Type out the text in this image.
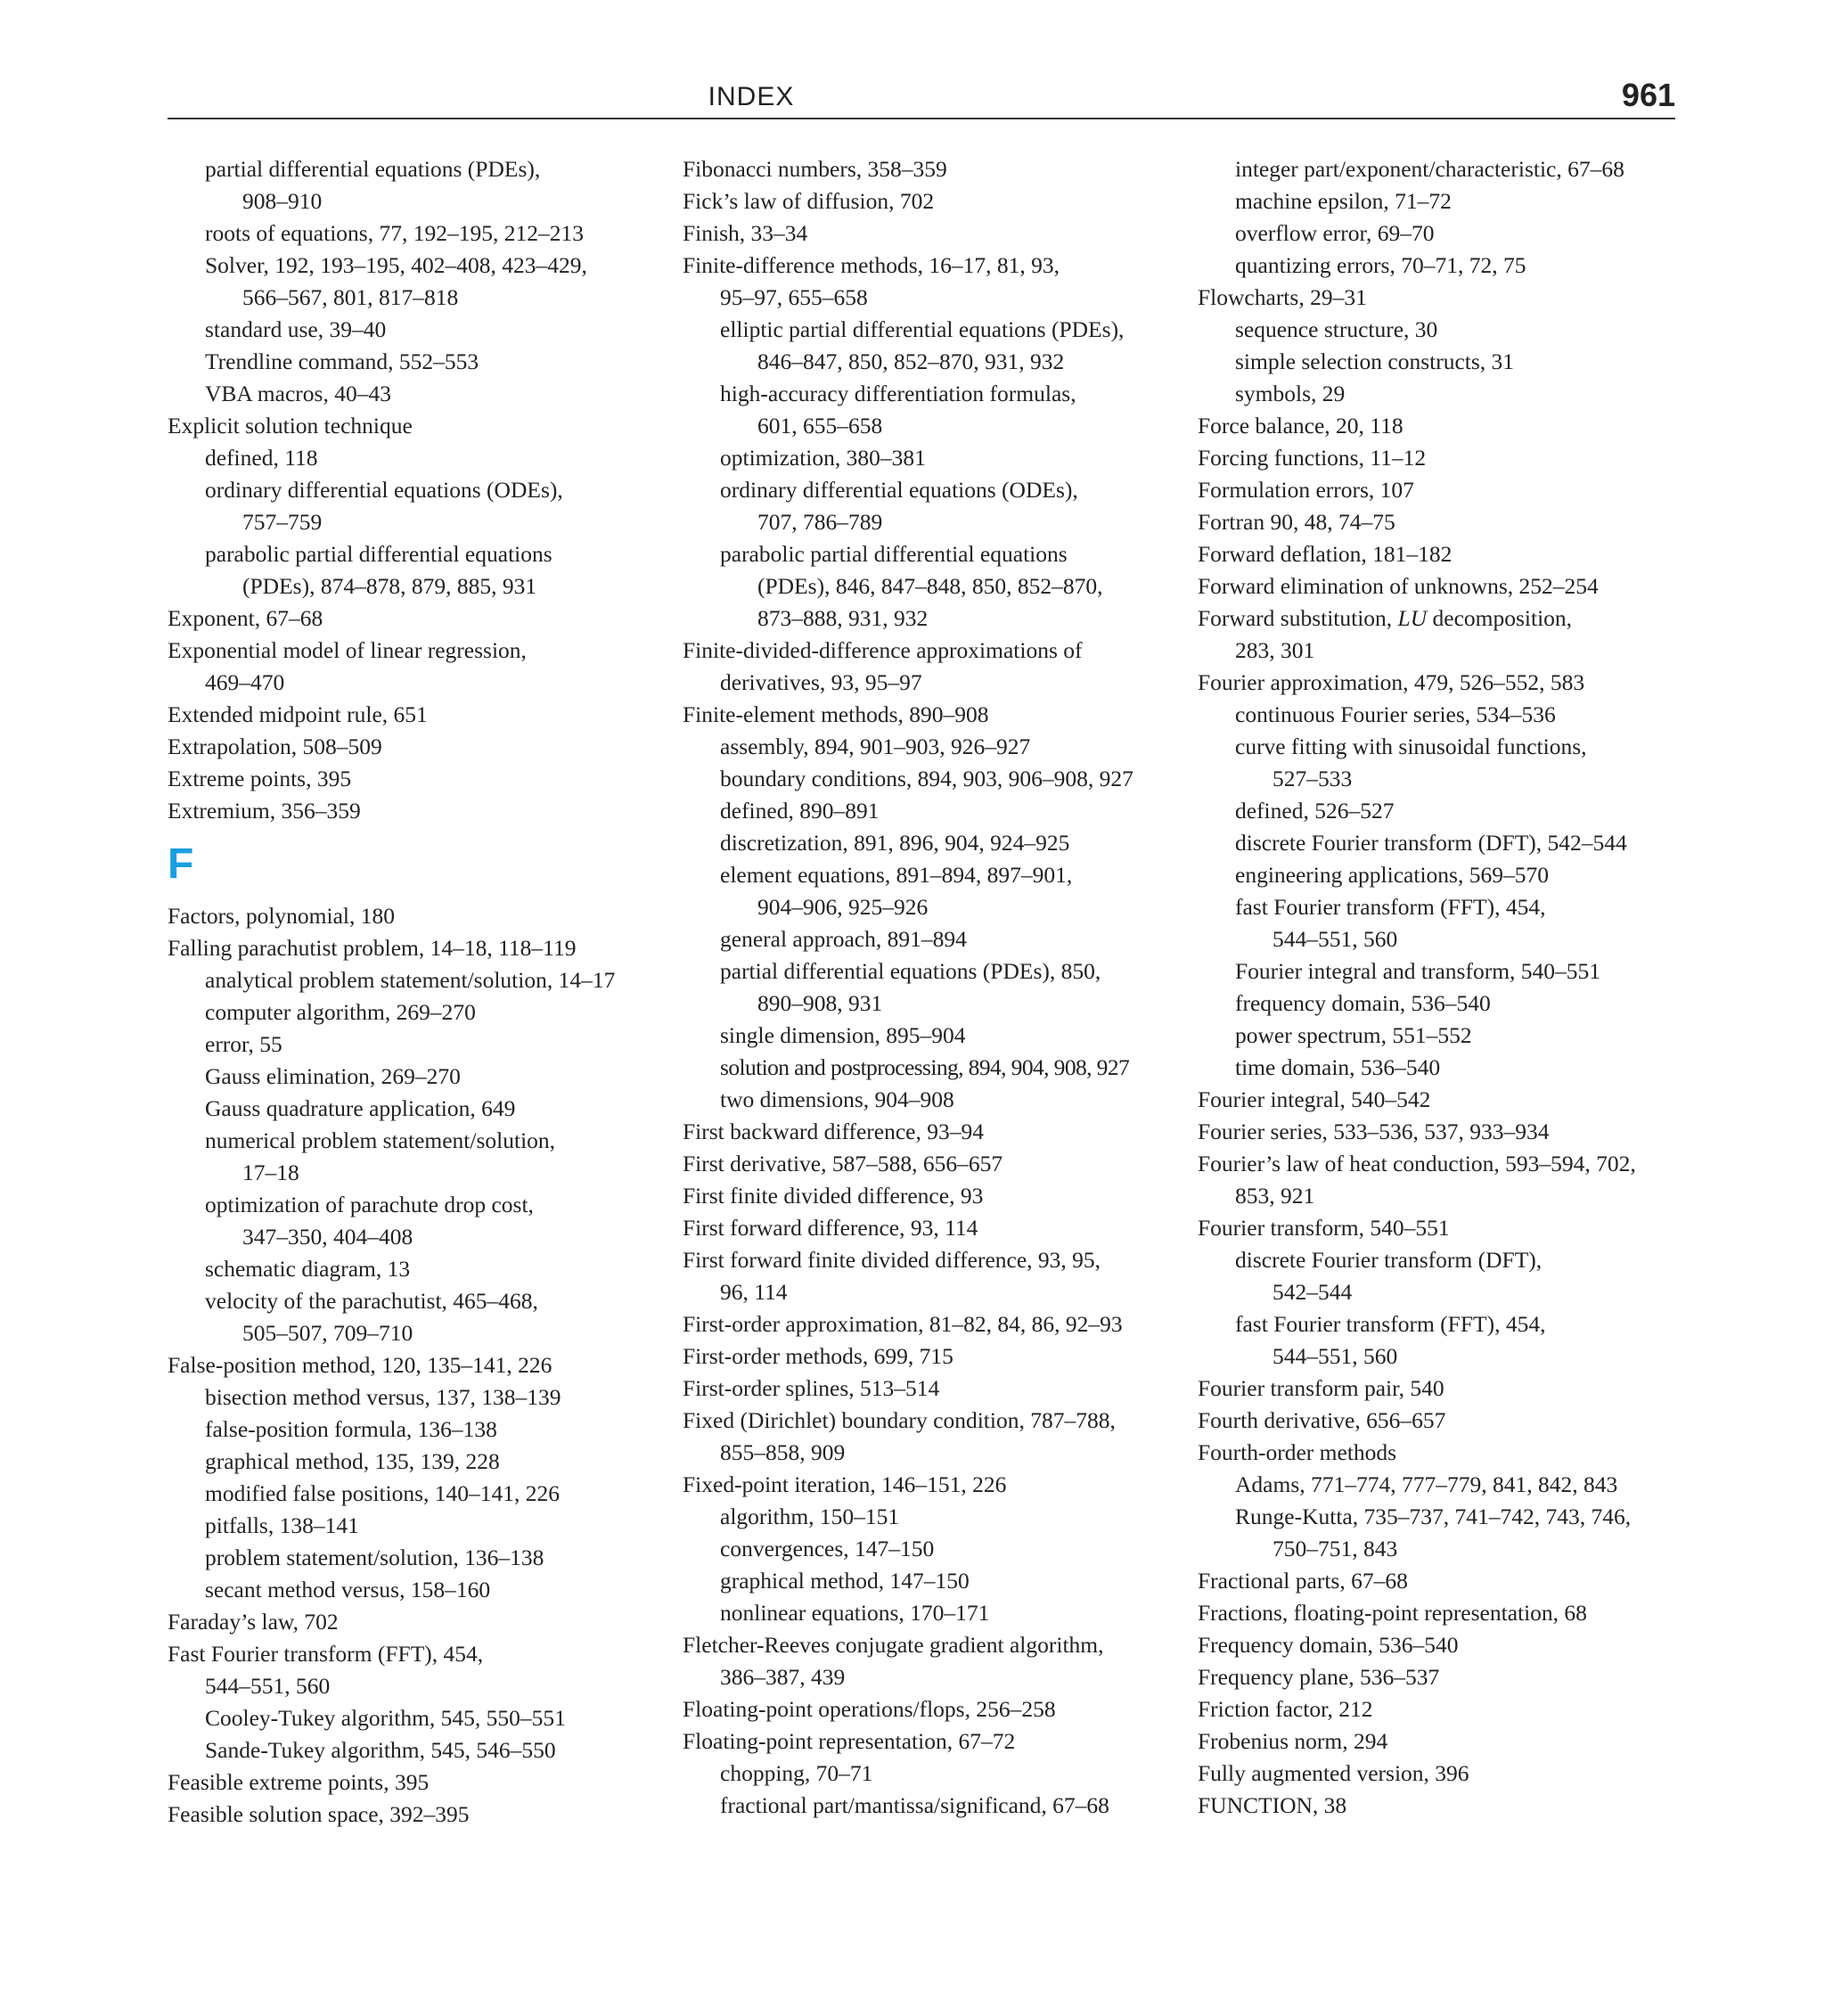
INDEX	961
partial differential equations (PDEs),
908–910
roots of equations, 77, 192–195, 212–213
Solver, 192, 193–195, 402–408, 423–429,
566–567, 801, 817–818
standard use, 39–40
Trendline command, 552–553
VBA macros, 40–43
Explicit solution technique
defined, 118
ordinary differential equations (ODEs),
757–759
parabolic partial differential equations
(PDEs), 874–878, 879, 885, 931
Exponent, 67–68
Exponential model of linear regression,
469–470
Extended midpoint rule, 651
Extrapolation, 508–509
Extreme points, 395
Extremium, 356–359
F
Factors, polynomial, 180
Falling parachutist problem, 14–18, 118–119
analytical problem statement/solution, 14–17
computer algorithm, 269–270
error, 55
Gauss elimination, 269–270
Gauss quadrature application, 649
numerical problem statement/solution,
17–18
optimization of parachute drop cost,
347–350, 404–408
schematic diagram, 13
velocity of the parachutist, 465–468,
505–507, 709–710
False-position method, 120, 135–141, 226
bisection method versus, 137, 138–139
false-position formula, 136–138
graphical method, 135, 139, 228
modified false positions, 140–141, 226
pitfalls, 138–141
problem statement/solution, 136–138
secant method versus, 158–160
Faraday’s law, 702
Fast Fourier transform (FFT), 454,
544–551, 560
Cooley-Tukey algorithm, 545, 550–551
Sande-Tukey algorithm, 545, 546–550
Feasible extreme points, 395
Feasible solution space, 392–395
Fibonacci numbers, 358–359
Fick’s law of diffusion, 702
Finish, 33–34
Finite-difference methods, 16–17, 81, 93,
95–97, 655–658
elliptic partial differential equations (PDEs),
846–847, 850, 852–870, 931, 932
high-accuracy differentiation formulas,
601, 655–658
optimization, 380–381
ordinary differential equations (ODEs),
707, 786–789
parabolic partial differential equations
(PDEs), 846, 847–848, 850, 852–870,
873–888, 931, 932
Finite-divided-difference approximations of
derivatives, 93, 95–97
Finite-element methods, 890–908
assembly, 894, 901–903, 926–927
boundary conditions, 894, 903, 906–908, 927
defined, 890–891
discretization, 891, 896, 904, 924–925
element equations, 891–894, 897–901,
904–906, 925–926
general approach, 891–894
partial differential equations (PDEs), 850,
890–908, 931
single dimension, 895–904
solution and postprocessing, 894, 904, 908, 927
two dimensions, 904–908
First backward difference, 93–94
First derivative, 587–588, 656–657
First finite divided difference, 93
First forward difference, 93, 114
First forward finite divided difference, 93, 95,
96, 114
First-order approximation, 81–82, 84, 86, 92–93
First-order methods, 699, 715
First-order splines, 513–514
Fixed (Dirichlet) boundary condition, 787–788,
855–858, 909
Fixed-point iteration, 146–151, 226
algorithm, 150–151
convergences, 147–150
graphical method, 147–150
nonlinear equations, 170–171
Fletcher-Reeves conjugate gradient algorithm,
386–387, 439
Floating-point operations/flops, 256–258
Floating-point representation, 67–72
chopping, 70–71
fractional part/mantissa/significand, 67–68
integer part/exponent/characteristic, 67–68
machine epsilon, 71–72
overflow error, 69–70
quantizing errors, 70–71, 72, 75
Flowcharts, 29–31
sequence structure, 30
simple selection constructs, 31
symbols, 29
Force balance, 20, 118
Forcing functions, 11–12
Formulation errors, 107
Fortran 90, 48, 74–75
Forward deflation, 181–182
Forward elimination of unknowns, 252–254
Forward substitution, LU decomposition,
283, 301
Fourier approximation, 479, 526–552, 583
continuous Fourier series, 534–536
curve fitting with sinusoidal functions,
527–533
defined, 526–527
discrete Fourier transform (DFT), 542–544
engineering applications, 569–570
fast Fourier transform (FFT), 454,
544–551, 560
Fourier integral and transform, 540–551
frequency domain, 536–540
power spectrum, 551–552
time domain, 536–540
Fourier integral, 540–542
Fourier series, 533–536, 537, 933–934
Fourier’s law of heat conduction, 593–594, 702,
853, 921
Fourier transform, 540–551
discrete Fourier transform (DFT),
542–544
fast Fourier transform (FFT), 454,
544–551, 560
Fourier transform pair, 540
Fourth derivative, 656–657
Fourth-order methods
Adams, 771–774, 777–779, 841, 842, 843
Runge-Kutta, 735–737, 741–742, 743, 746,
750–751, 843
Fractional parts, 67–68
Fractions, floating-point representation, 68
Frequency domain, 536–540
Frequency plane, 536–537
Friction factor, 212
Frobenius norm, 294
Fully augmented version, 396
FUNCTION, 38
